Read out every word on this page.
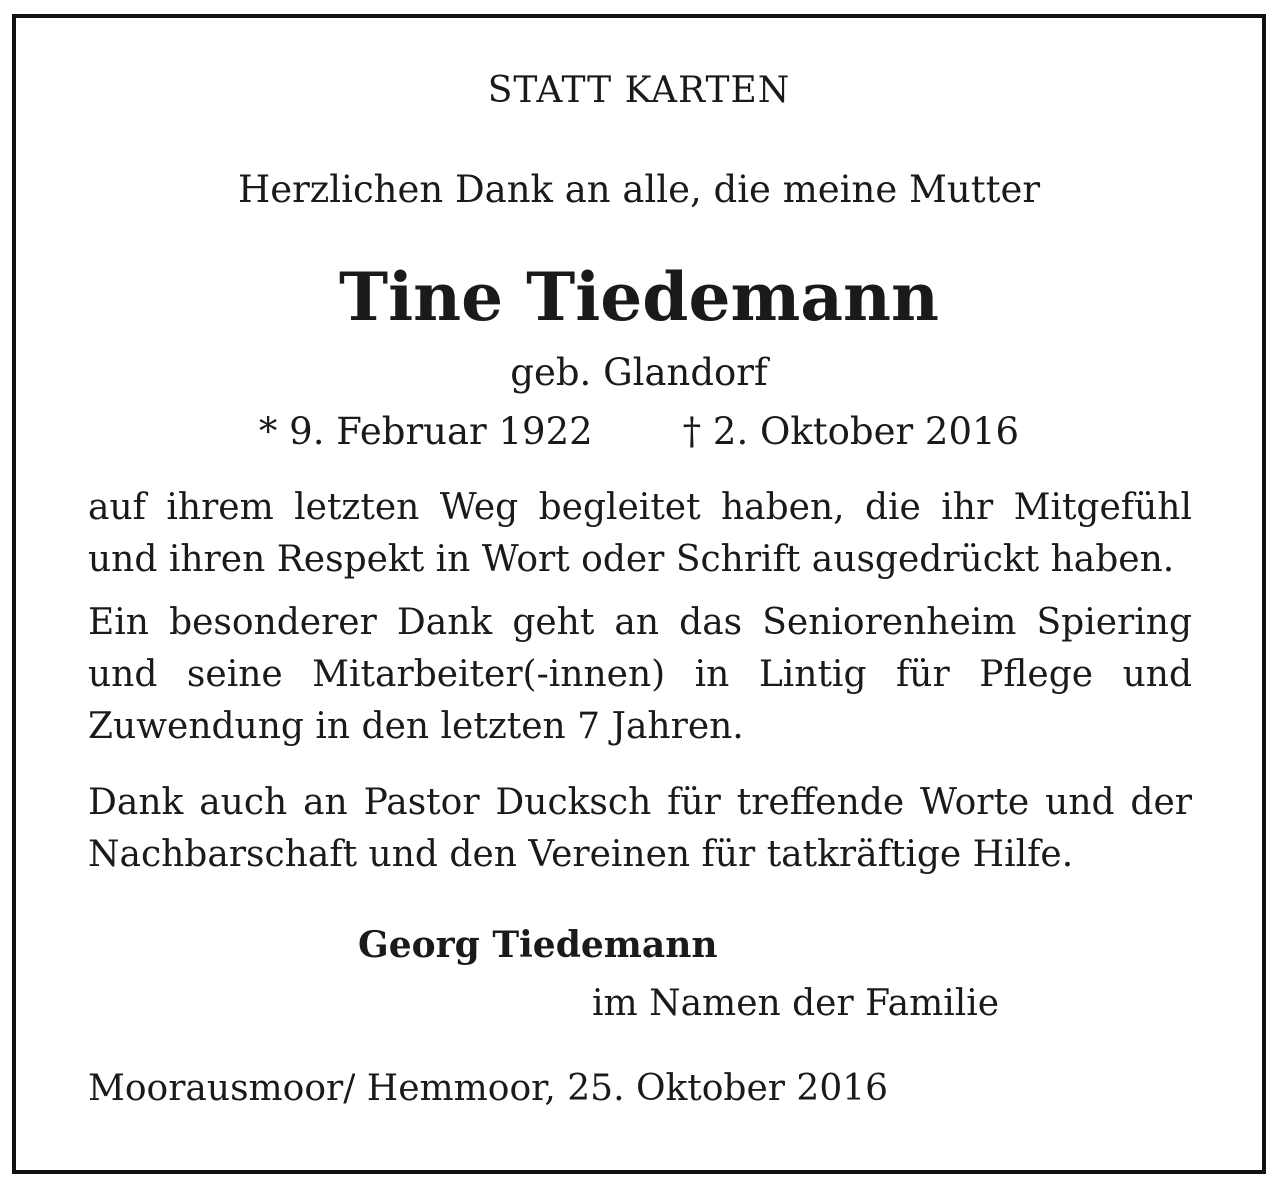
STATT KARTEN
Herzlichen Dank an alle, die meine Mutter
Tine Tiedemann
geb. Glandorf
* 9. Februar 1922 † 2. Oktober 2016
auf ihrem letzten Weg begleitet haben, die ihr Mitgefühl und ihren Respekt in Wort oder Schrift ausgedrückt haben.
Ein besonderer Dank geht an das Seniorenheim Spiering und seine Mitarbeiter(-innen) in Lintig für Pflege und Zuwendung in den letzten 7 Jahren.
Dank auch an Pastor Ducksch für treffende Worte und der Nachbarschaft und den Vereinen für tatkräftige Hilfe.
Georg Tiedemann
im Namen der Familie
Moorausmoor/ Hemmoor, 25. Oktober 2016
